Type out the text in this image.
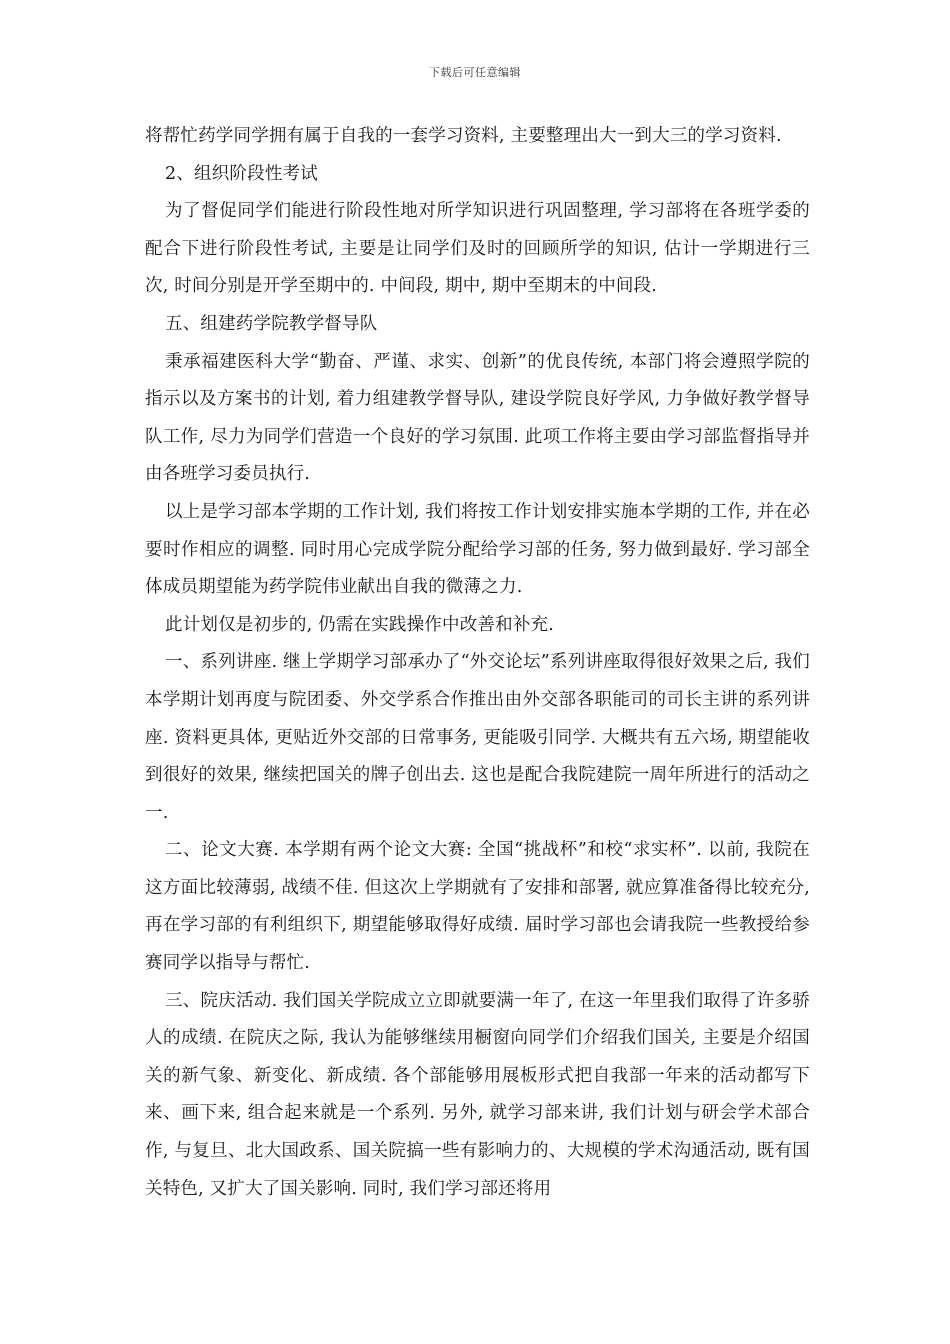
下载后可任意编辑

将帮忙药学同学拥有属于自我的一套学习资料, 主要整理出大一到大三的学习资料.

2、组织阶段性考试

为了督促同学们能进行阶段性地对所学知识进行巩固整理, 学习部将在各班学委的配合下进行阶段性考试, 主要是让同学们及时的回顾所学的知识, 估计一学期进行三次, 时间分别是开学至期中的. 中间段, 期中, 期中至期末的中间段.

五、组建药学院教学督导队

秉承福建医科大学“勤奋、严谨、求实、创新”的优良传统, 本部门将会遵照学院的指示以及方案书的计划, 着力组建教学督导队, 建设学院良好学风, 力争做好教学督导队工作, 尽力为同学们营造一个良好的学习氛围. 此项工作将主要由学习部监督指导并由各班学习委员执行.

以上是学习部本学期的工作计划, 我们将按工作计划安排实施本学期的工作, 并在必要时作相应的调整. 同时用心完成学院分配给学习部的任务, 努力做到最好. 学习部全体成员期望能为药学院伟业献出自我的微薄之力.

此计划仅是初步的, 仍需在实践操作中改善和补充.

一、系列讲座. 继上学期学习部承办了“外交论坛”系列讲座取得很好效果之后, 我们本学期计划再度与院团委、外交学系合作推出由外交部各职能司的司长主讲的系列讲座. 资料更具体, 更贴近外交部的日常事务, 更能吸引同学. 大概共有五六场, 期望能收到很好的效果, 继续把国关的牌子创出去. 这也是配合我院建院一周年所进行的活动之一.

二、论文大赛. 本学期有两个论文大赛: 全国“挑战杯”和校“求实杯”. 以前, 我院在这方面比较薄弱, 战绩不佳. 但这次上学期就有了安排和部署, 就应算准备得比较充分, 再在学习部的有利组织下, 期望能够取得好成绩. 届时学习部也会请我院一些教授给参赛同学以指导与帮忙.

三、院庆活动. 我们国关学院成立立即就要满一年了, 在这一年里我们取得了许多骄人的成绩. 在院庆之际, 我认为能够继续用橱窗向同学们介绍我们国关, 主要是介绍国关的新气象、新变化、新成绩. 各个部能够用展板形式把自我部一年来的活动都写下来、画下来, 组合起来就是一个系列. 另外, 就学习部来讲, 我们计划与研会学术部合作, 与复旦、北大国政系、国关院搞一些有影响力的、大规模的学术沟通活动, 既有国关特色, 又扩大了国关影响. 同时, 我们学习部还将用
